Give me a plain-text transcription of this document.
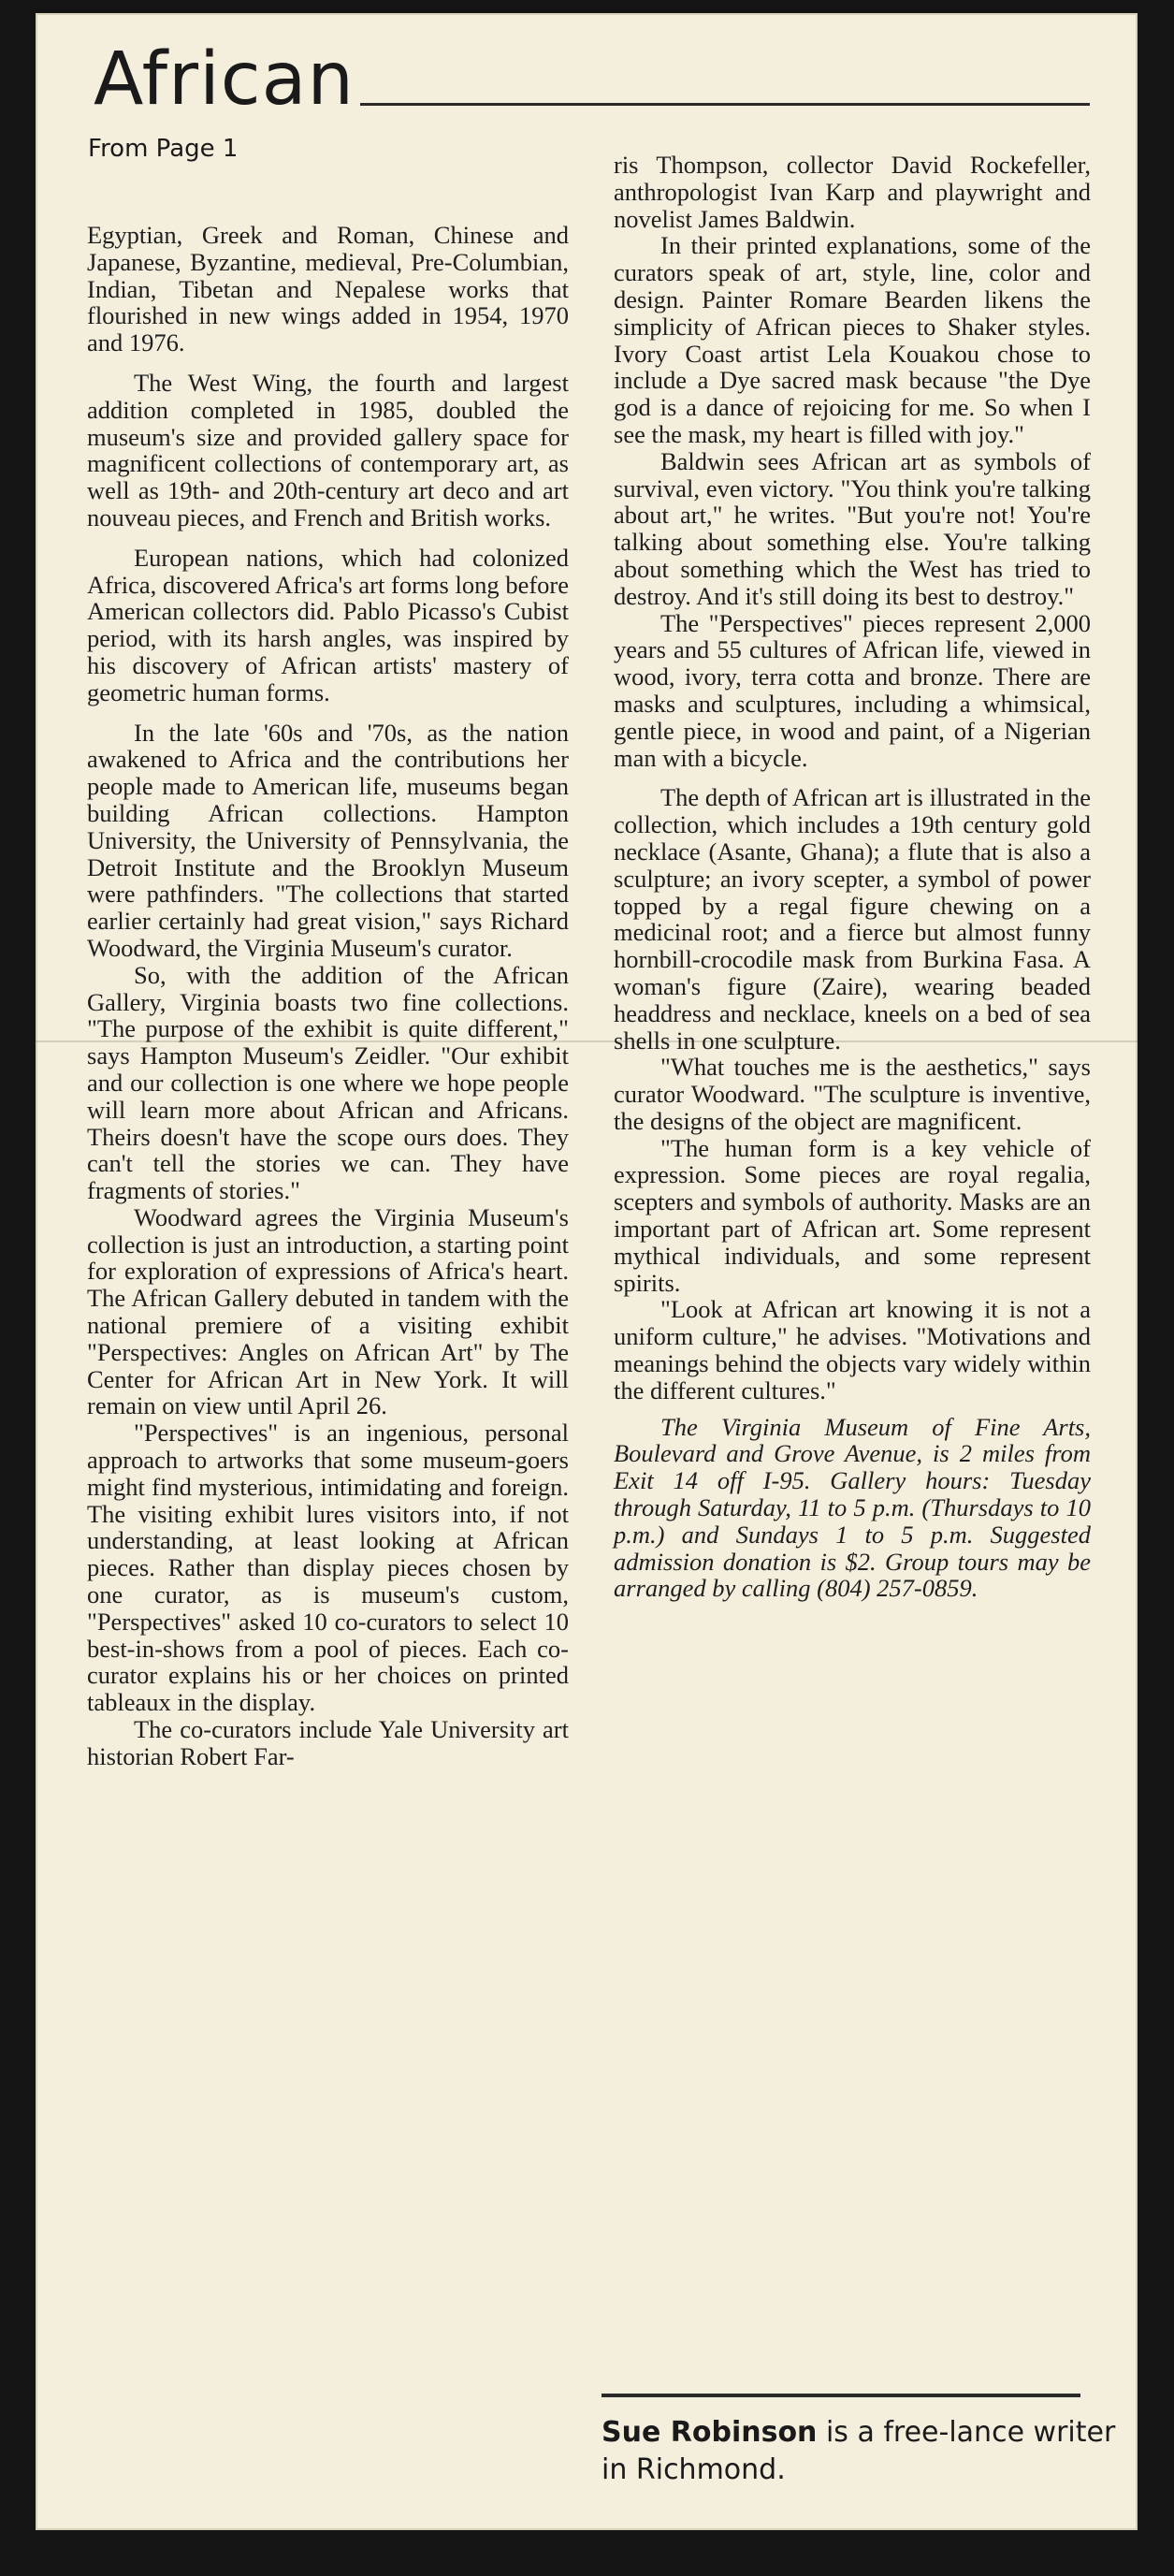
African
From Page 1

Egyptian, Greek and Roman, Chinese and Japanese, Byzantine, medieval, Pre-Columbian, Indian, Tibetan and Nepalese works that flourished in new wings added in 1954, 1970 and 1976.

The West Wing, the fourth and largest addition completed in 1985, doubled the museum's size and provided gallery space for magnificent collections of contemporary art, as well as 19th- and 20th-century art deco and art nouveau pieces, and French and British works.

European nations, which had colonized Africa, discovered Africa's art forms long before American collectors did. Pablo Picasso's Cubist period, with its harsh angles, was inspired by his discovery of African artists' mastery of geometric human forms.

In the late '60s and '70s, as the nation awakened to Africa and the contributions her people made to American life, museums began building African collections. Hampton University, the University of Pennsylvania, the Detroit Institute and the Brooklyn Museum were pathfinders. "The collections that started earlier certainly had great vision," says Richard Woodward, the Virginia Museum's curator.

So, with the addition of the African Gallery, Virginia boasts two fine collections. "The purpose of the exhibit is quite different," says Hampton Museum's Zeidler. "Our exhibit and our collection is one where we hope people will learn more about African and Africans. Theirs doesn't have the scope ours does. They can't tell the stories we can. They have fragments of stories."

Woodward agrees the Virginia Museum's collection is just an introduction, a starting point for exploration of expressions of Africa's heart. The African Gallery debuted in tandem with the national premiere of a visiting exhibit "Perspectives: Angles on African Art" by The Center for African Art in New York. It will remain on view until April 26.

"Perspectives" is an ingenious, personal approach to artworks that some museum-goers might find mysterious, intimidating and foreign. The visiting exhibit lures visitors into, if not understanding, at least looking at African pieces. Rather than display pieces chosen by one curator, as is museum's custom, "Perspectives" asked 10 co-curators to select 10 best-in-shows from a pool of pieces. Each co-curator explains his or her choices on printed tableaux in the display.

The co-curators include Yale University art historian Robert Far-

ris Thompson, collector David Rockefeller, anthropologist Ivan Karp and playwright and novelist James Baldwin.

In their printed explanations, some of the curators speak of art, style, line, color and design. Painter Romare Bearden likens the simplicity of African pieces to Shaker styles. Ivory Coast artist Lela Kouakou chose to include a Dye sacred mask because "the Dye god is a dance of rejoicing for me. So when I see the mask, my heart is filled with joy."

Baldwin sees African art as symbols of survival, even victory. "You think you're talking about art," he writes. "But you're not! You're talking about something else. You're talking about something which the West has tried to destroy. And it's still doing its best to destroy."

The "Perspectives" pieces represent 2,000 years and 55 cultures of African life, viewed in wood, ivory, terra cotta and bronze. There are masks and sculptures, including a whimsical, gentle piece, in wood and paint, of a Nigerian man with a bicycle.

The depth of African art is illustrated in the collection, which includes a 19th century gold necklace (Asante, Ghana); a flute that is also a sculpture; an ivory scepter, a symbol of power topped by a regal figure chewing on a medicinal root; and a fierce but almost funny hornbill-crocodile mask from Burkina Fasa. A woman's figure (Zaire), wearing beaded headdress and necklace, kneels on a bed of sea shells in one sculpture.

"What touches me is the aesthetics," says curator Woodward. "The sculpture is inventive, the designs of the object are magnificent.

"The human form is a key vehicle of expression. Some pieces are royal regalia, scepters and symbols of authority. Masks are an important part of African art. Some represent mythical individuals, and some represent spirits.

"Look at African art knowing it is not a uniform culture," he advises. "Motivations and meanings behind the objects vary widely within the different cultures."

The Virginia Museum of Fine Arts, Boulevard and Grove Avenue, is 2 miles from Exit 14 off I-95. Gallery hours: Tuesday through Saturday, 11 to 5 p.m. (Thursdays to 10 p.m.) and Sundays 1 to 5 p.m. Suggested admission donation is $2. Group tours may be arranged by calling (804) 257-0859.

Sue Robinson is a free-lance writer in Richmond.
